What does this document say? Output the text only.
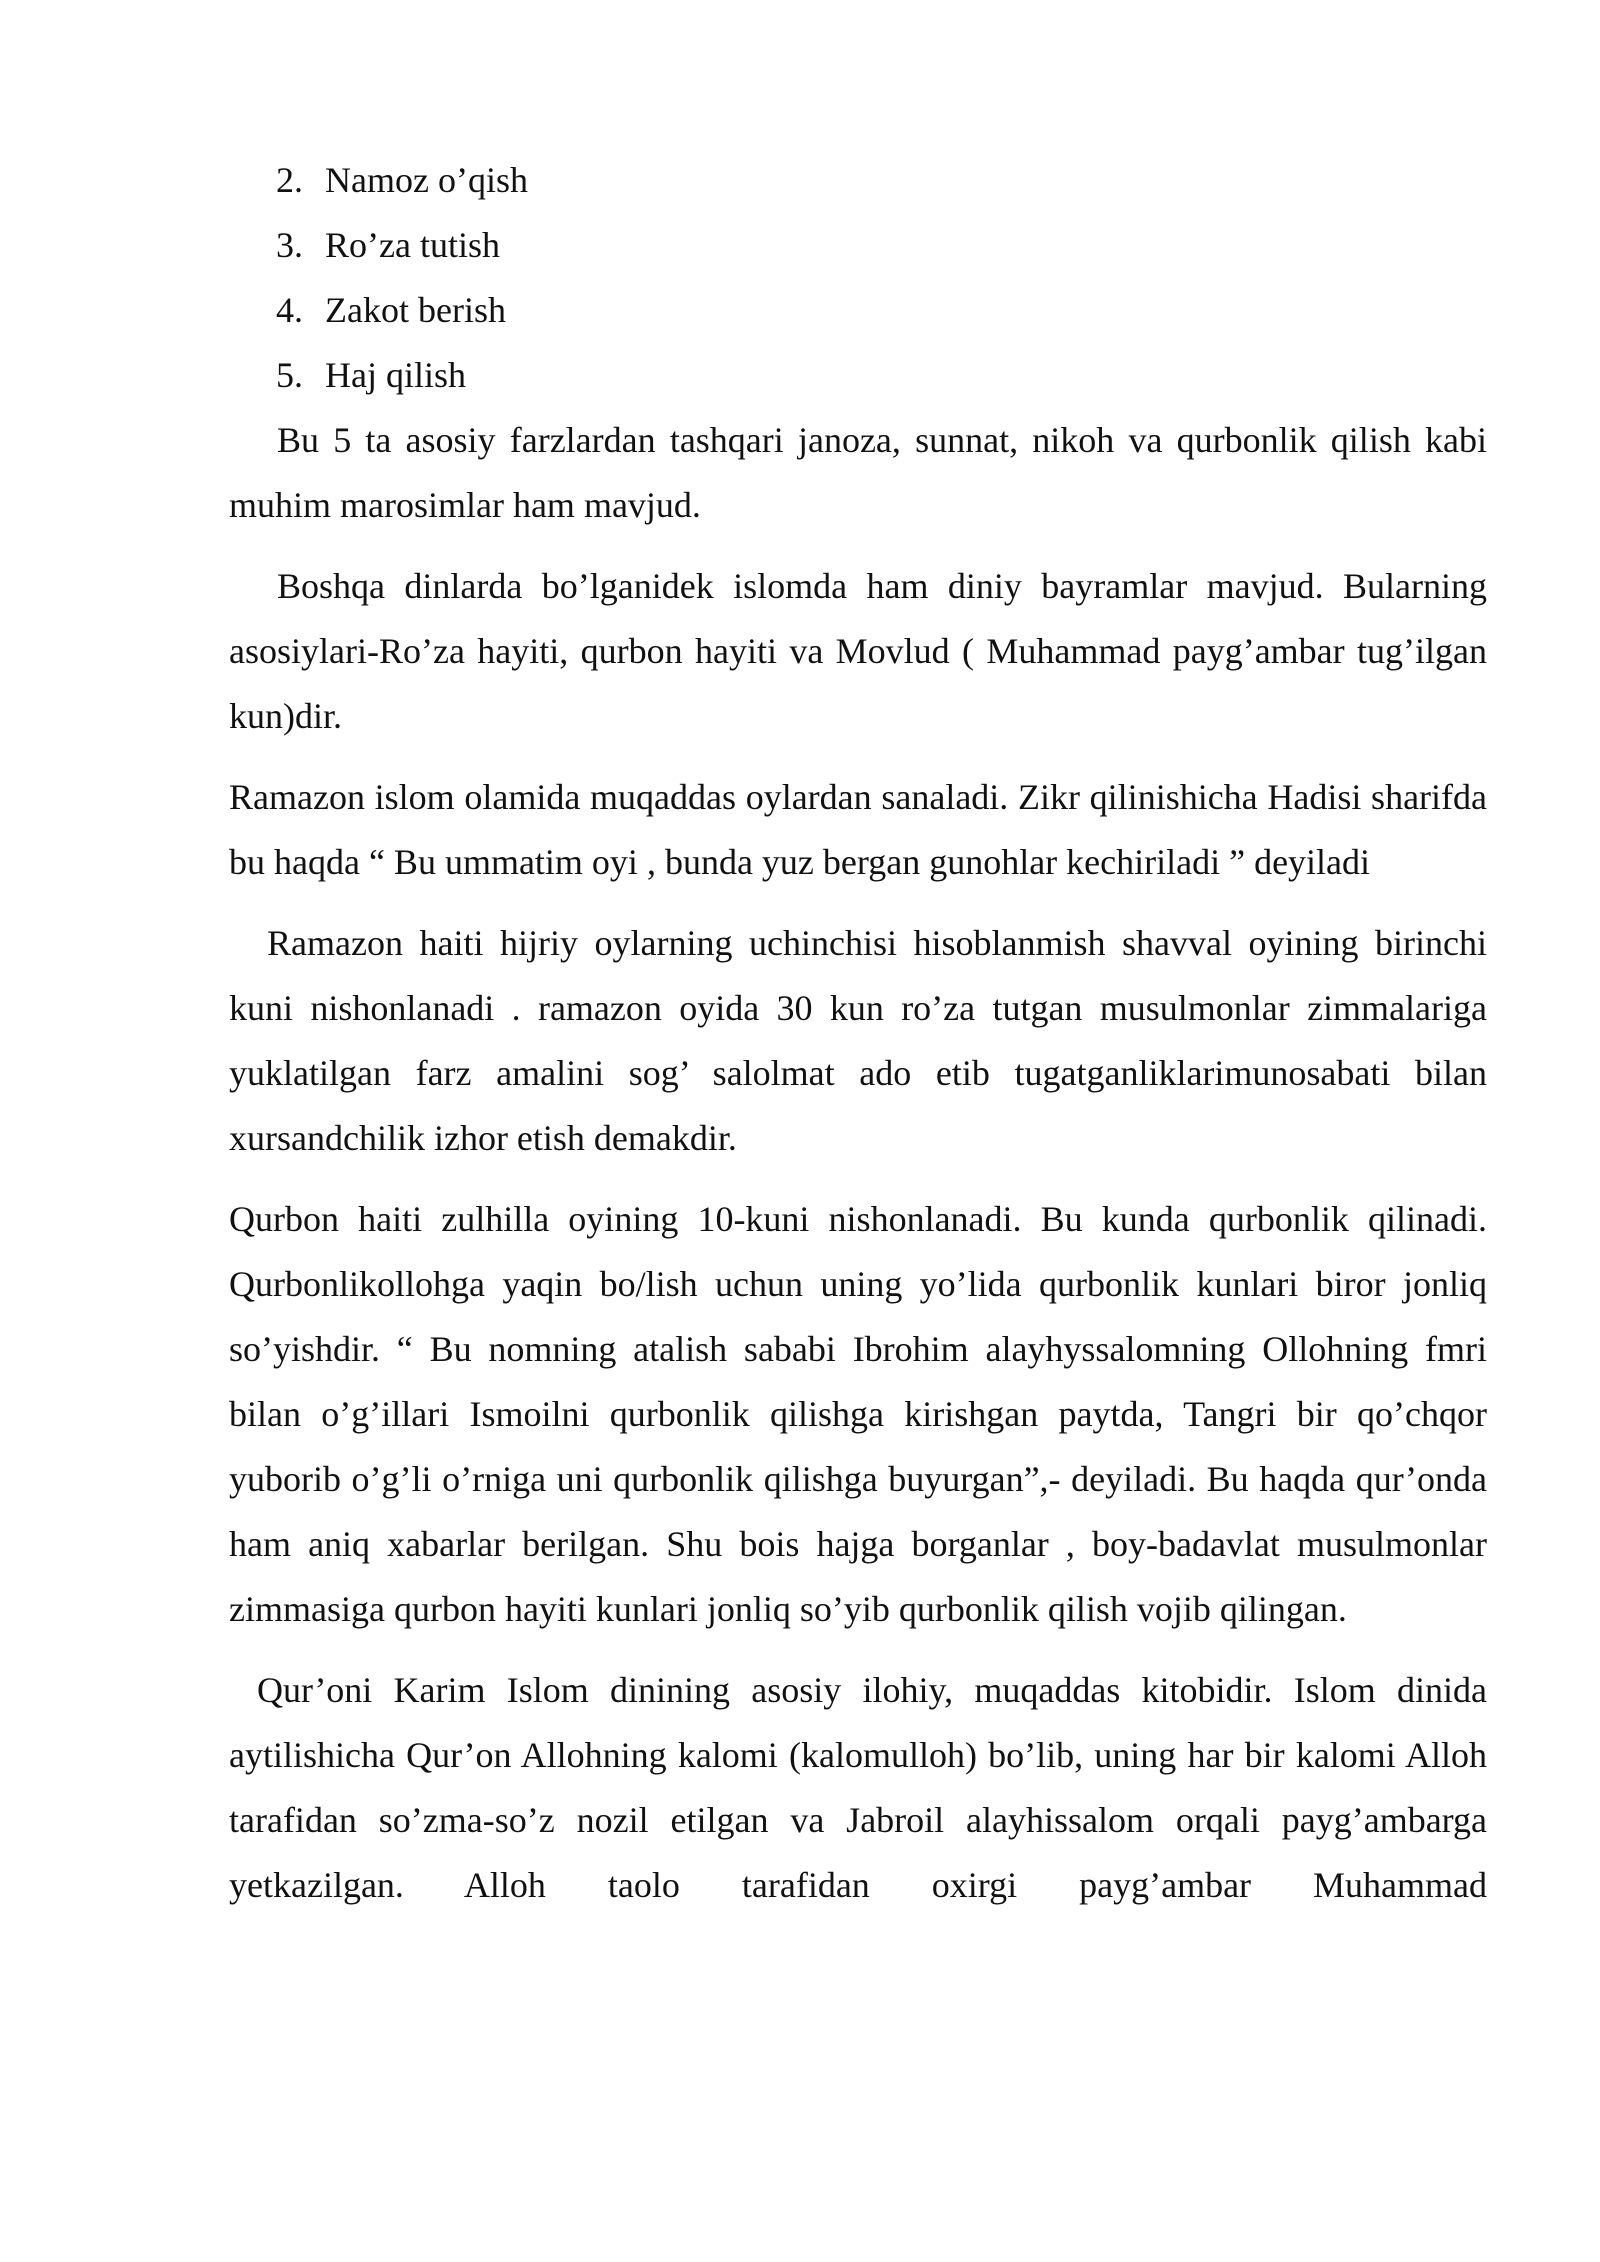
2. Namoz o’qish
3. Ro’za tutish
4. Zakot berish
5. Haj qilish

Bu 5 ta asosiy farzlardan tashqari janoza, sunnat, nikoh va qurbonlik qilish kabi muhim marosimlar ham mavjud.

Boshqa dinlarda bo’lganidek islomda ham diniy bayramlar mavjud. Bularning asosiylari-Ro’za hayiti, qurbon hayiti va Movlud ( Muhammad payg’ambar tug’ilgan kun)dir.

Ramazon islom olamida muqaddas oylardan sanaladi. Zikr qilinishicha Hadisi sharifda bu haqda “ Bu ummatim oyi , bunda yuz bergan gunohlar kechiriladi ” deyiladi

Ramazon haiti hijriy oylarning uchinchisi hisoblanmish shavval oyining birinchi kuni nishonlanadi . ramazon oyida 30 kun ro’za tutgan musulmonlar zimmalariga yuklatilgan farz amalini sog’ salolmat ado etib tugatganliklarimunosabati bilan xursandchilik izhor etish demakdir.

Qurbon haiti zulhilla oyining 10-kuni nishonlanadi. Bu kunda qurbonlik qilinadi. Qurbonlikollohga yaqin bo/lish uchun uning yo’lida qurbonlik kunlari biror jonliq so’yishdir. “ Bu nomning atalish sababi Ibrohim alayhyssalomning Ollohning fmri bilan o’g’illari Ismoilni qurbonlik qilishga kirishgan paytda, Tangri bir qo’chqor yuborib o’g’li o’rniga uni qurbonlik qilishga buyurgan”,- deyiladi. Bu haqda qur’onda ham aniq xabarlar berilgan. Shu bois hajga borganlar , boy-badavlat musulmonlar zimmasiga qurbon hayiti kunlari jonliq so’yib qurbonlik qilish vojib qilingan.

Qur’oni Karim Islom dinining asosiy ilohiy, muqaddas kitobidir. Islom dinida aytilishicha Qur’on Allohning kalomi (kalomulloh) bo’lib, uning har bir kalomi Alloh tarafidan so’zma-so’z nozil etilgan va Jabroil alayhissalom orqali payg’ambarga yetkazilgan. Alloh taolo tarafidan oxirgi payg’ambar Muhammad
